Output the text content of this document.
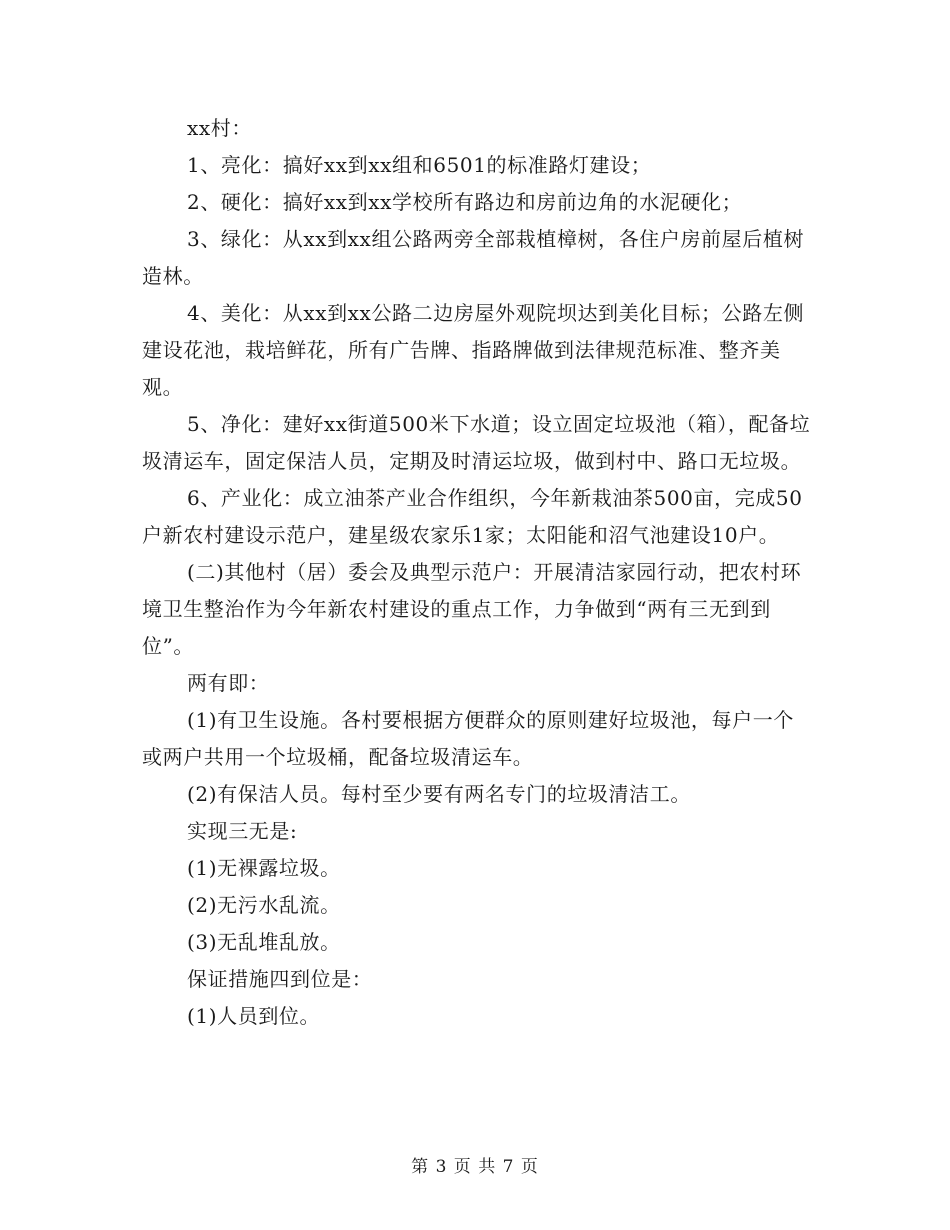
xx村：

1、亮化：搞好xx到xx组和6501的标准路灯建设；

2、硬化：搞好xx到xx学校所有路边和房前边角的水泥硬化；

3、绿化：从xx到xx组公路两旁全部栽植樟树，各住户房前屋后植树造林。

4、美化：从xx到xx公路二边房屋外观院坝达到美化目标；公路左侧建设花池，栽培鲜花，所有广告牌、指路牌做到法律规范标准、整齐美观。

5、净化：建好xx街道500米下水道；设立固定垃圾池（箱），配备垃圾清运车，固定保洁人员，定期及时清运垃圾，做到村中、路口无垃圾。

6、产业化：成立油茶产业合作组织，今年新栽油茶500亩，完成50户新农村建设示范户，建星级农家乐1家；太阳能和沼气池建设10户。

(二)其他村（居）委会及典型示范户：开展清洁家园行动，把农村环境卫生整治作为今年新农村建设的重点工作，力争做到“两有三无到到位”。

两有即：

(1)有卫生设施。各村要根据方便群众的原则建好垃圾池，每户一个或两户共用一个垃圾桶，配备垃圾清运车。

(2)有保洁人员。每村至少要有两名专门的垃圾清洁工。

实现三无是:

(1)无裸露垃圾。

(2)无污水乱流。

(3)无乱堆乱放。

保证措施四到位是：

(1)人员到位。

第 3 页 共 7 页
